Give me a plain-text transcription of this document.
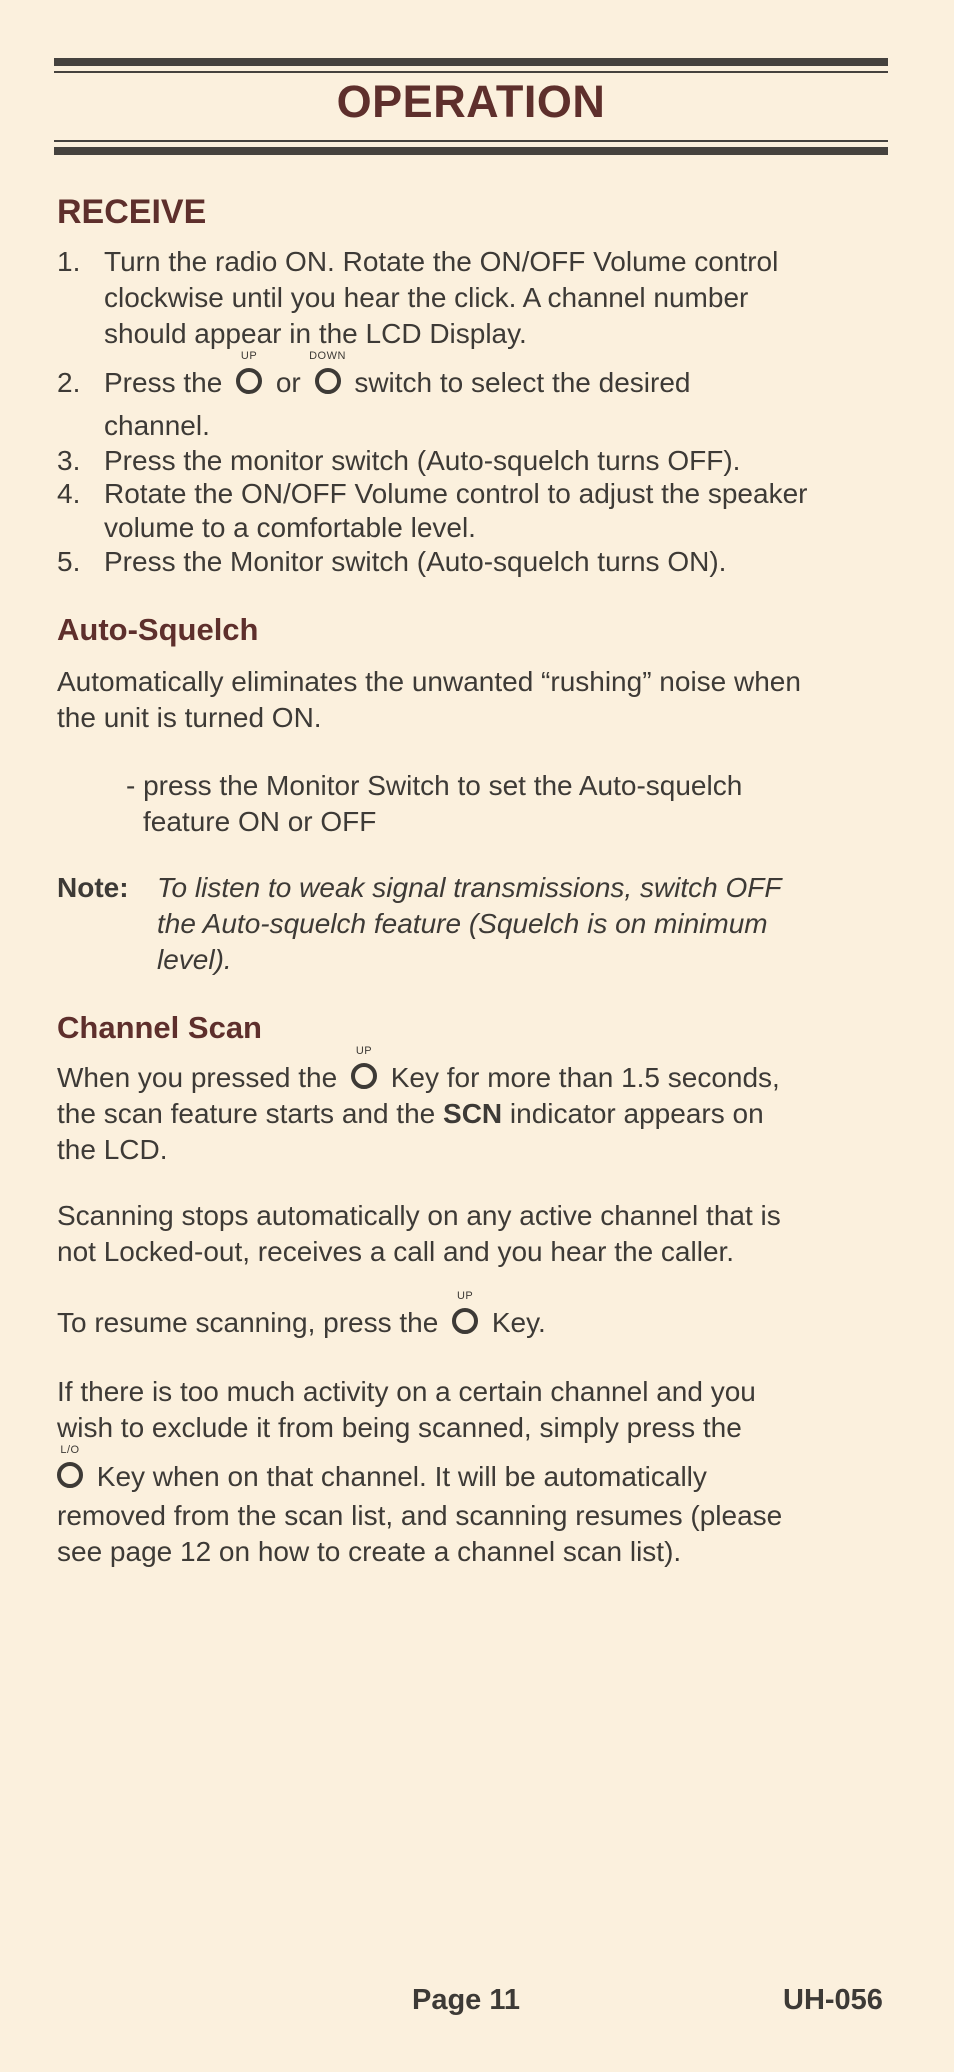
OPERATION
RECEIVE
1. Turn the radio ON. Rotate the ON/OFF Volume control
clockwise until you hear the click. A channel number
should appear in the LCD Display.
2. Press the
UP
or
DOWN
switch to select the desired
channel.
3. Press the monitor switch (Auto-squelch turns OFF).
4. Rotate the ON/OFF Volume control to adjust the speaker
volume to a comfortable level.
5. Press the Monitor switch (Auto-squelch turns ON).
Auto-Squelch
Automatically eliminates the unwanted “rushing” noise when
the unit is turned ON.
- press the Monitor Switch to set the Auto-squelch
feature ON or OFF
Note: To listen to weak signal transmissions, switch OFF
the Auto-squelch feature (Squelch is on minimum
level).
Channel Scan
When you pressed the
UP
Key for more than 1.5 seconds,
the scan feature starts and the SCN indicator appears on
the LCD.
Scanning stops automatically on any active channel that is
not Locked-out, receives a call and you hear the caller.
To resume scanning, press the
UP
Key.
If there is too much activity on a certain channel and you
wish to exclude it from being scanned, simply press the
L/O
Key when on that channel. It will be automatically
removed from the scan list, and scanning resumes (please
see page 12 on how to create a channel scan list).
Page 11	UH-056
